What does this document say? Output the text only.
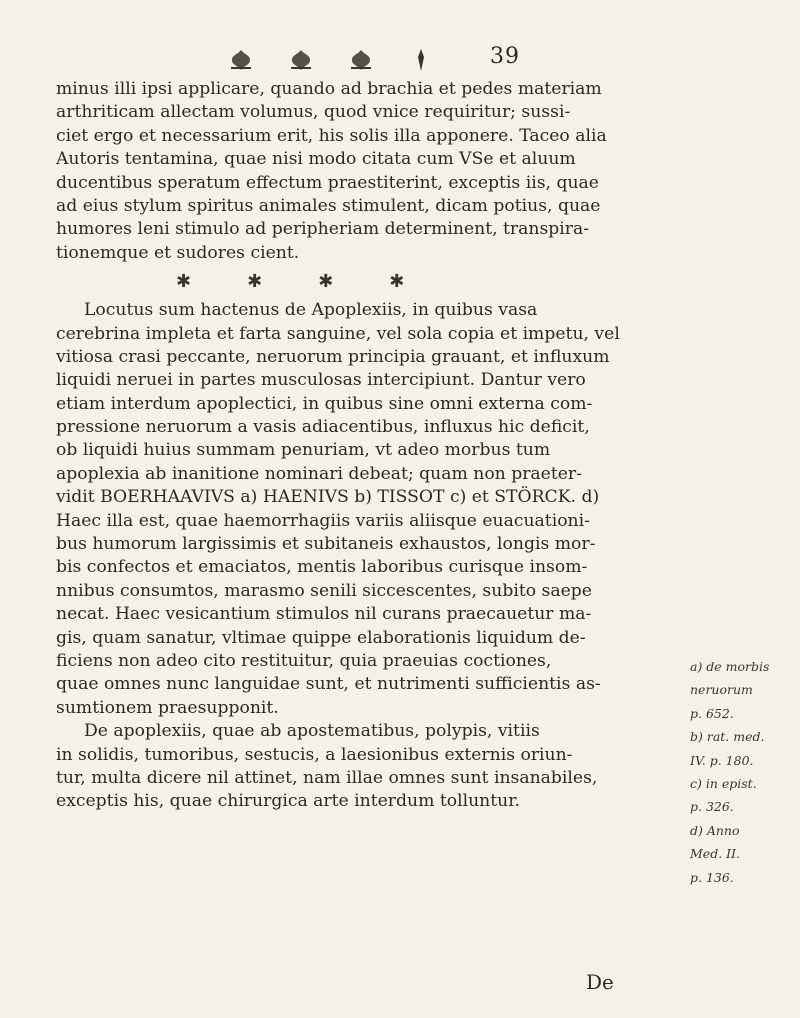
39
minus illi ipsi applicare, quando ad brachia et pedes materiam
arthriticam allectam volumus, quod vnice requiritur; sussi-
ciet ergo et necessarium erit, his solis illa apponere. Taceo alia
Autoris tentamina, quae nisi modo citata cum VSe et aluum
ducentibus speratum effectum praestiterint, exceptis iis, quae
ad eius stylum spiritus animales stimulent, dicam potius, quae
humores leni stimulo ad peripheriam determinent, transpira-
tionemque et sudores cient.
✱	✱	✱	✱
Locutus sum hactenus de Apoplexiis, in quibus vasa
cerebrina impleta et farta sanguine, vel sola copia et impetu, vel
vitiosa crasi peccante, neruorum principia grauant, et influxum
liquidi neruei in partes musculosas intercipiunt. Dantur vero
etiam interdum apoplectici, in quibus sine omni externa com-
pressione neruorum a vasis adiacentibus, influxus hic deficit,
ob liquidi huius summam penuriam, vt adeo morbus tum
apoplexia ab inanitione nominari debeat; quam non praeter-
vidit BOERHAAVIVS a) HAENIVS b) TISSOT c) et STÖRCK. d)
Haec illa est, quae haemorrhagiis variis aliisque euacuationi-
bus humorum largissimis et subitaneis exhaustos, longis mor-
bis confectos et emaciatos, mentis laboribus curisque insom-
nnibus consumtos, marasmo senili siccescentes, subito saepe
necat. Haec vesicantium stimulos nil curans praecauetur ma-
gis, quam sanatur, vltimae quippe elaborationis liquidum de-
ficiens non adeo cito restituitur, quia praeuias coctiones,
quae omnes nunc languidae sunt, et nutrimenti sufficientis as-
sumtionem praesupponit.
De apoplexiis, quae ab apostematibus, polypis, vitiis
in solidis, tumoribus, sestucis, a laesionibus externis oriun-
tur, multa dicere nil attinet, nam illae omnes sunt insanabiles,
exceptis his, quae chirurgica arte interdum tolluntur.
a) de morbis
neruorum
p. 652.
b) rat. med.
IV. p. 180.
c) in epist.
p. 326.
d) Anno
Med. II.
p. 136.
De
